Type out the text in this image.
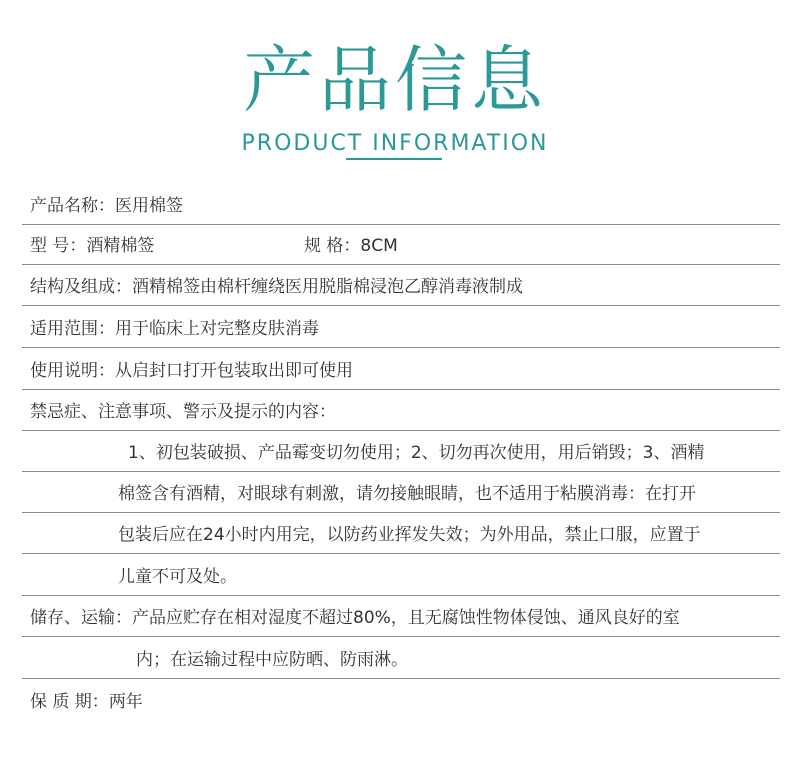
产品信息
PRODUCT INFORMATION
产品名称：医用棉签
型 号：酒精棉签	规 格：8CM
结构及组成：酒精棉签由棉杆缠绕医用脱脂棉浸泡乙醇消毒液制成
适用范围：用于临床上对完整皮肤消毒
使用说明：从启封口打开包装取出即可使用
禁忌症、注意事项、警示及提示的内容：
1、初包装破损、产品霉变切勿使用；2、切勿再次使用，用后销毁；3、酒精
棉签含有酒精，对眼球有刺激，请勿接触眼睛，也不适用于粘膜消毒：在打开
包装后应在24小时内用完，以防药业挥发失效；为外用品，禁止口服，应置于
儿童不可及处。
储存、运输：产品应贮存在相对湿度不超过80%，且无腐蚀性物体侵蚀、通风良好的室
内；在运输过程中应防晒、防雨淋。
保 质 期：两年
